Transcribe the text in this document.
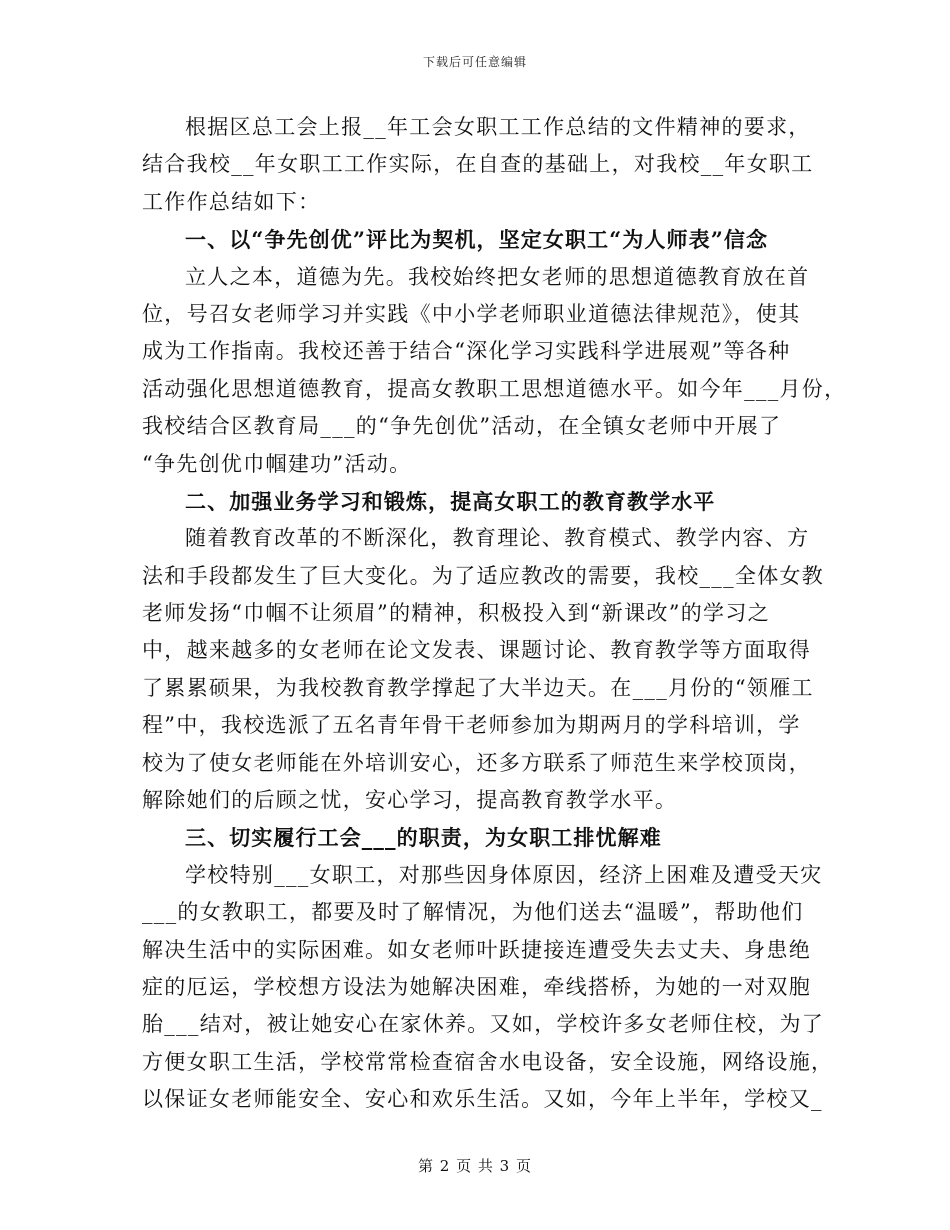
下载后可任意编辑
根据区总工会上报__年工会女职工工作总结的文件精神的要求，
结合我校__年女职工工作实际，在自查的基础上，对我校__年女职工
工作作总结如下：
一、以“争先创优”评比为契机，坚定女职工“为人师表”信念
立人之本，道德为先。我校始终把女老师的思想道德教育放在首
位，号召女老师学习并实践《中小学老师职业道德法律规范》，使其
成为工作指南。我校还善于结合“深化学习实践科学进展观”等各种
活动强化思想道德教育，提高女教职工思想道德水平。如今年___月份，
我校结合区教育局___的“争先创优”活动，在全镇女老师中开展了
“争先创优巾帼建功”活动。
二、加强业务学习和锻炼，提高女职工的教育教学水平
随着教育改革的不断深化，教育理论、教育模式、教学内容、方
法和手段都发生了巨大变化。为了适应教改的需要，我校___全体女教
老师发扬“巾帼不让须眉”的精神，积极投入到“新课改”的学习之
中，越来越多的女老师在论文发表、课题讨论、教育教学等方面取得
了累累硕果，为我校教育教学撑起了大半边天。在___月份的“领雁工
程”中，我校选派了五名青年骨干老师参加为期两月的学科培训，学
校为了使女老师能在外培训安心，还多方联系了师范生来学校顶岗，
解除她们的后顾之忧，安心学习，提高教育教学水平。
三、切实履行工会___的职责，为女职工排忧解难
学校特别___女职工，对那些因身体原因，经济上困难及遭受天灾
___的女教职工，都要及时了解情况，为他们送去“温暖”，帮助他们
解决生活中的实际困难。如女老师叶跃捷接连遭受失去丈夫、身患绝
症的厄运，学校想方设法为她解决困难，牵线搭桥，为她的一对双胞
胎___结对，被让她安心在家休养。又如，学校许多女老师住校，为了
方便女职工生活，学校常常检查宿舍水电设备，安全设施，网络设施，
以保证女老师能安全、安心和欢乐生活。又如，今年上半年，学校又_
第 2 页 共 3 页
